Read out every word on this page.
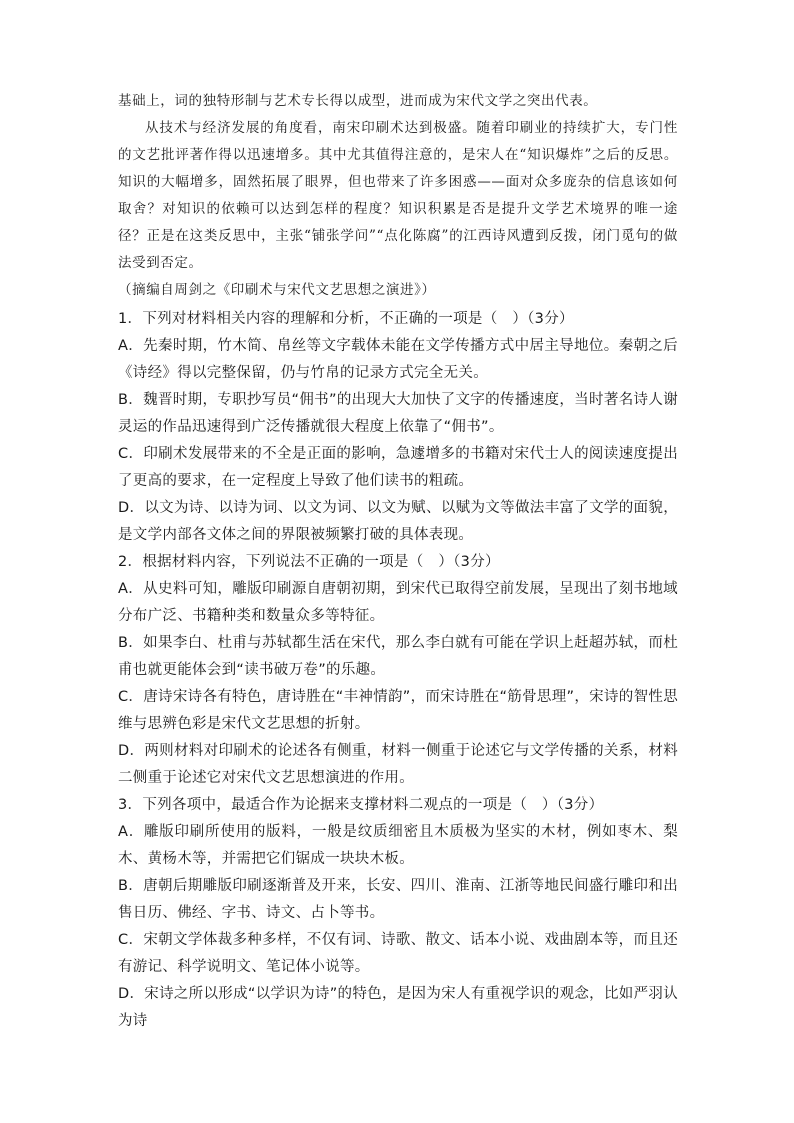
基础上，词的独特形制与艺术专长得以成型，进而成为宋代文学之突出代表。

从技术与经济发展的角度看，南宋印刷术达到极盛。随着印刷业的持续扩大，专门性的文艺批评著作得以迅速增多。其中尤其值得注意的，是宋人在“知识爆炸”之后的反思。知识的大幅增多，固然拓展了眼界，但也带来了许多困惑——面对众多庞杂的信息该如何取舍？对知识的依赖可以达到怎样的程度？知识积累是否是提升文学艺术境界的唯一途径？正是在这类反思中，主张“铺张学问”“点化陈腐”的江西诗风遭到反拨，闭门觅句的做法受到否定。

（摘编自周剑之《印刷术与宋代文艺思想之演进》）

1．下列对材料相关内容的理解和分析，不正确的一项是（　）（3分）

A．先秦时期，竹木简、帛丝等文字载体未能在文学传播方式中居主导地位。秦朝之后《诗经》得以完整保留，仍与竹帛的记录方式完全无关。

B．魏晋时期，专职抄写员“佣书”的出现大大加快了文字的传播速度，当时著名诗人谢灵运的作品迅速得到广泛传播就很大程度上依靠了“佣书”。

C．印刷术发展带来的不全是正面的影响，急遽增多的书籍对宋代士人的阅读速度提出了更高的要求，在一定程度上导致了他们读书的粗疏。

D．以文为诗、以诗为词、以文为词、以文为赋、以赋为文等做法丰富了文学的面貌，是文学内部各文体之间的界限被频繁打破的具体表现。

2．根据材料内容，下列说法不正确的一项是（　）（3分）

A．从史料可知，雕版印刷源自唐朝初期，到宋代已取得空前发展，呈现出了刻书地域分布广泛、书籍种类和数量众多等特征。

B．如果李白、杜甫与苏轼都生活在宋代，那么李白就有可能在学识上赶超苏轼，而杜甫也就更能体会到“读书破万卷”的乐趣。

C．唐诗宋诗各有特色，唐诗胜在“丰神情韵”，而宋诗胜在“筋骨思理”，宋诗的智性思维与思辨色彩是宋代文艺思想的折射。

D．两则材料对印刷术的论述各有侧重，材料一侧重于论述它与文学传播的关系，材料二侧重于论述它对宋代文艺思想演进的作用。

3．下列各项中，最适合作为论据来支撑材料二观点的一项是（　）（3分）

A．雕版印刷所使用的版料，一般是纹质细密且木质极为坚实的木材，例如枣木、梨木、黄杨木等，并需把它们锯成一块块木板。

B．唐朝后期雕版印刷逐渐普及开来，长安、四川、淮南、江浙等地民间盛行雕印和出售日历、佛经、字书、诗文、占卜等书。

C．宋朝文学体裁多种多样，不仅有词、诗歌、散文、话本小说、戏曲剧本等，而且还有游记、科学说明文、笔记体小说等。

D．宋诗之所以形成“以学识为诗”的特色，是因为宋人有重视学识的观念，比如严羽认为诗
